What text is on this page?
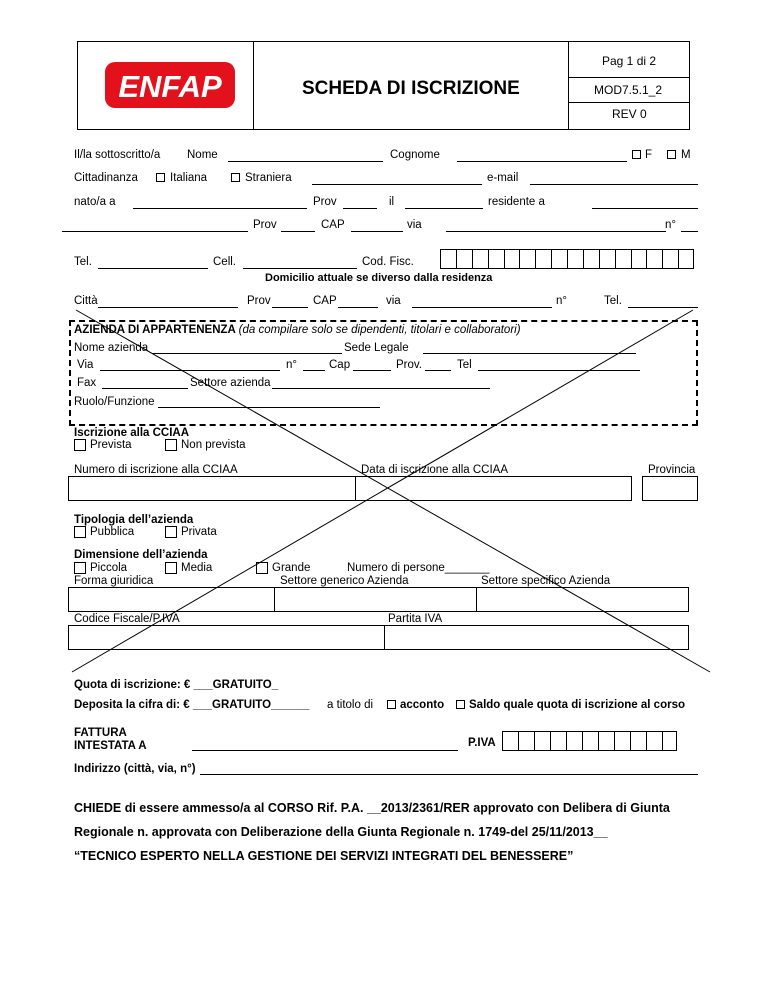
ENFAP	SCHEDA DI ISCRIZIONE
Pag 1 di 2
MOD7.5.1_2
REV 0
Il/la sottoscritto/a Nome	Cognome	F	M
Cittadinanza	Italiana	Straniera	e-mail
nato/a a	Prov	il	residente a
Prov	CAP	via	n°
Tel.	Cell.	Cod. Fisc.
Domicilio attuale se diverso dalla residenza
Città	Prov	CAP	via	n°	Tel.
AZIENDA DI APPARTENENZA (da compilare solo se dipendenti, titolari e collaboratori)
Nome azienda	Sede Legale
Via	n°	Cap	Prov.	Tel
Fax	Settore azienda
Ruolo/Funzione
Iscrizione alla CCIAA
Prevista	Non prevista
Numero di iscrizione alla CCIAA	Data di iscrizione alla CCIAA	Provincia
Tipologia dell’azienda
Pubblica	Privata
Dimensione dell’azienda
Piccola	Media	Grande	Numero di persone_______
Forma giuridica	Settore generico Azienda	Settore specifico Azienda
Codice Fiscale/P.IVA	Partita IVA
Quota di iscrizione: € ___GRATUITO_
Deposita la cifra di: € ___GRATUITO______ a titolo di acconto Saldo quale quota di iscrizione al corso
FATTURA
INTESTATA A	P.IVA
Indirizzo (città, via, n°)
CHIEDE di essere ammesso/a al CORSO Rif. P.A. __2013/2361/RER approvato con Delibera di Giunta
Regionale n. approvata con Deliberazione della Giunta Regionale n. 1749-del 25/11/2013__
“TECNICO ESPERTO NELLA GESTIONE DEI SERVIZI INTEGRATI DEL BENESSERE”
